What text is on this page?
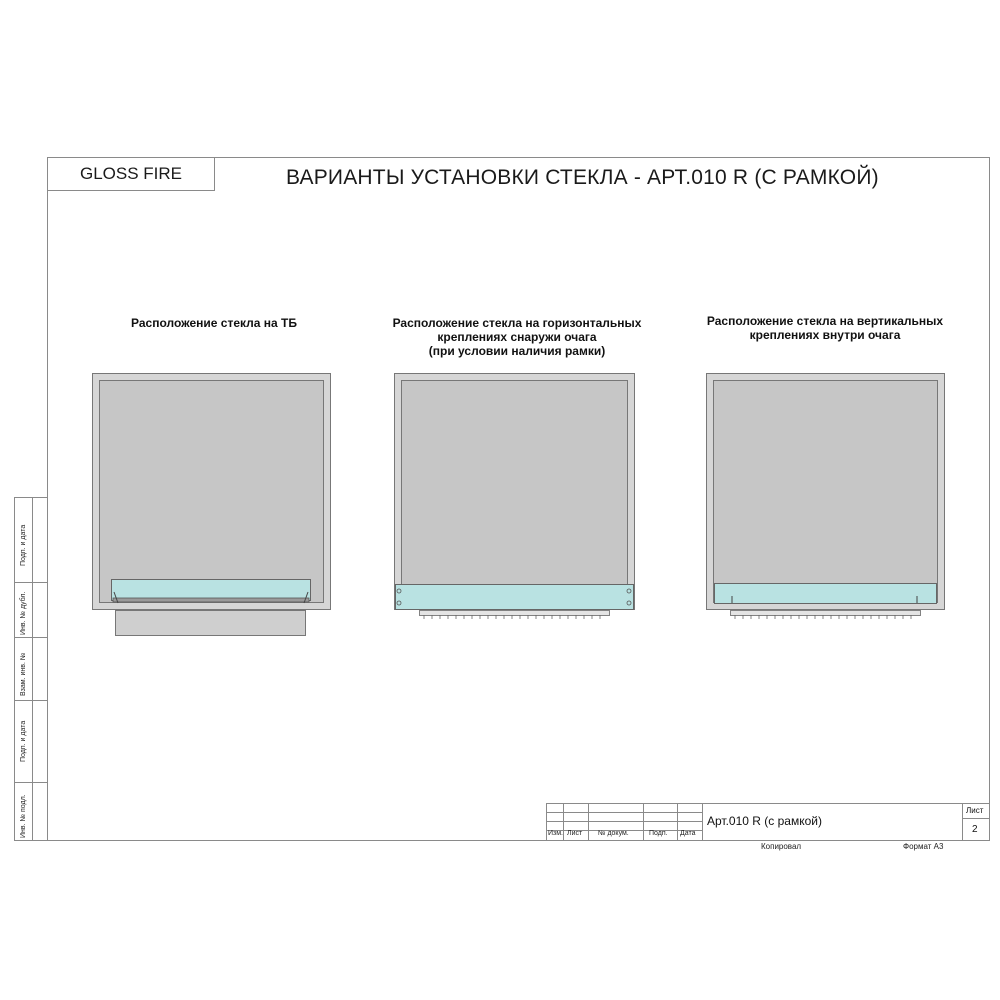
GLOSS FIRE	ВАРИАНТЫ УСТАНОВКИ СТЕКЛА - АРТ.010 R (С РАМКОЙ)
Расположение стекла на ТБ	Расположение стекла на горизонтальных
креплениях снаружи очага
(при условии наличия рамки)
Расположение стекла на вертикальных
креплениях внутри очага
Подп. и дата
Инв. № дубл.
Взам. инв. №
Подп. и дата
Инв. № подл.	Изм. Лист № докум.	Подп. Дата
Арт.010 R (с рамкой)
Лист
2
Копировал	Формат А3
